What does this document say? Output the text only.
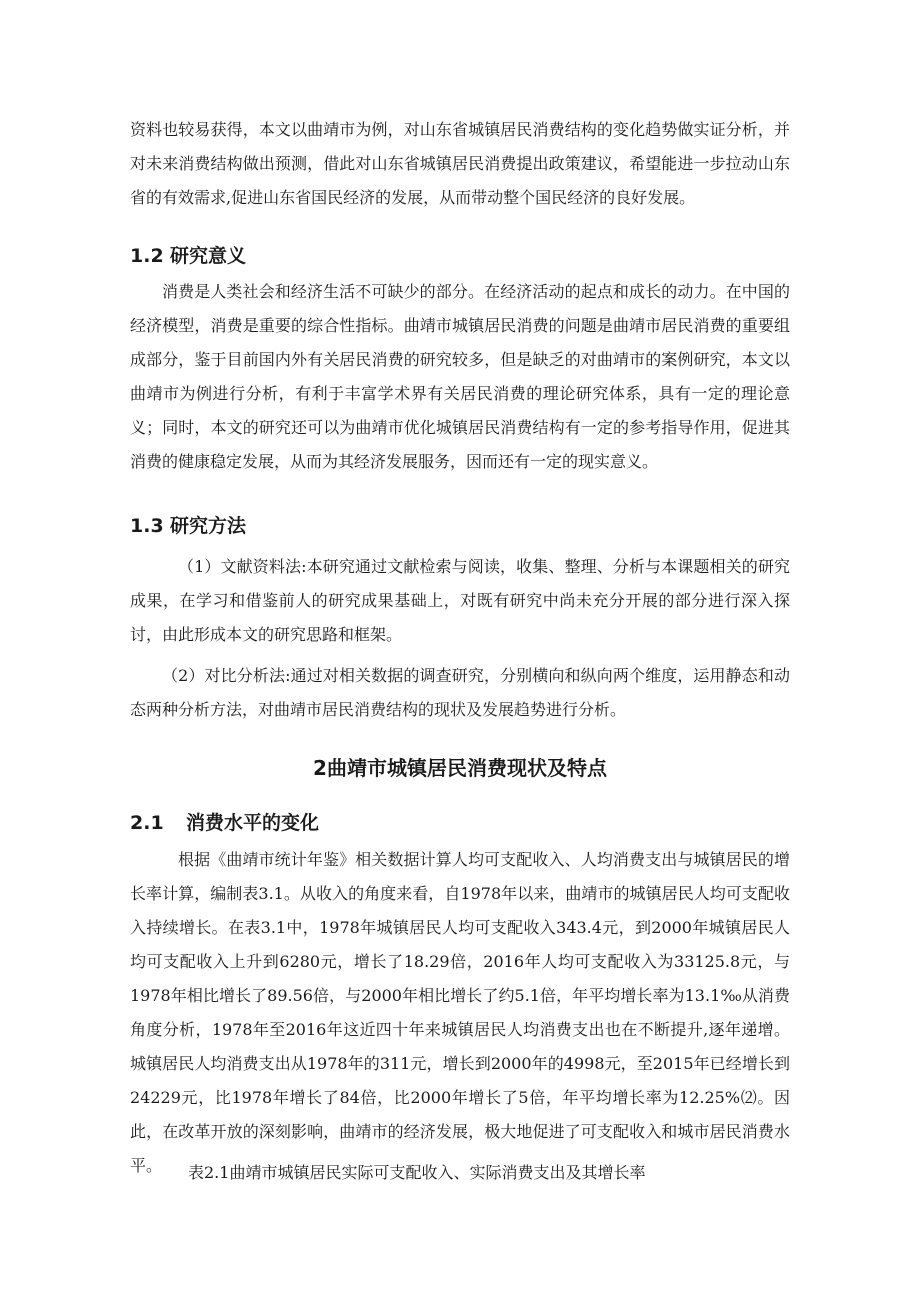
资料也较易获得，本文以曲靖市为例，对山东省城镇居民消费结构的变化趋势做实证分析，并对未来消费结构做出预测，借此对山东省城镇居民消费提出政策建议，希望能进一步拉动山东省的有效需求,促进山东省国民经济的发展，从而带动整个国民经济的良好发展。

1.2 研究意义

消费是人类社会和经济生活不可缺少的部分。在经济活动的起点和成长的动力。在中国的经济模型，消费是重要的综合性指标。曲靖市城镇居民消费的问题是曲靖市居民消费的重要组成部分，鉴于目前国内外有关居民消费的研究较多，但是缺乏的对曲靖市的案例研究，本文以曲靖市为例进行分析，有利于丰富学术界有关居民消费的理论研究体系，具有一定的理论意义；同时，本文的研究还可以为曲靖市优化城镇居民消费结构有一定的参考指导作用，促进其消费的健康稳定发展，从而为其经济发展服务，因而还有一定的现实意义。

1.3 研究方法

（1）文献资料法:本研究通过文献检索与阅读，收集、整理、分析与本课题相关的研究成果，在学习和借鉴前人的研究成果基础上，对既有研究中尚未充分开展的部分进行深入探讨，由此形成本文的研究思路和框架。

（2）对比分析法:通过对相关数据的调查研究，分别横向和纵向两个维度，运用静态和动态两种分析方法，对曲靖市居民消费结构的现状及发展趋势进行分析。

2曲靖市城镇居民消费现状及特点
2.1 消费水平的变化

根据《曲靖市统计年鉴》相关数据计算人均可支配收入、人均消费支出与城镇居民的增长率计算，编制表3.1。从收入的角度来看，自1978年以来，曲靖市的城镇居民人均可支配收入持续增长。在表3.1中，1978年城镇居民人均可支配收入343.4元，到2000年城镇居民人均可支配收入上升到6280元，增长了18.29倍，2016年人均可支配收入为33125.8元，与1978年相比增长了89.56倍，与2000年相比增长了约5.1倍，年平均增长率为13.1‰从消费角度分析，1978年至2016年这近四十年来城镇居民人均消费支出也在不断提升,逐年递增。城镇居民人均消费支出从1978年的311元，增长到2000年的4998元，至2015年已经增长到24229元，比1978年增长了84倍，比2000年增长了5倍，年平均增长率为12.25%⑵。因此，在改革开放的深刻影响，曲靖市的经济发展，极大地促进了可支配收入和城市居民消费水平。	表2.1曲靖市城镇居民实际可支配收入、实际消费支出及其增长率
